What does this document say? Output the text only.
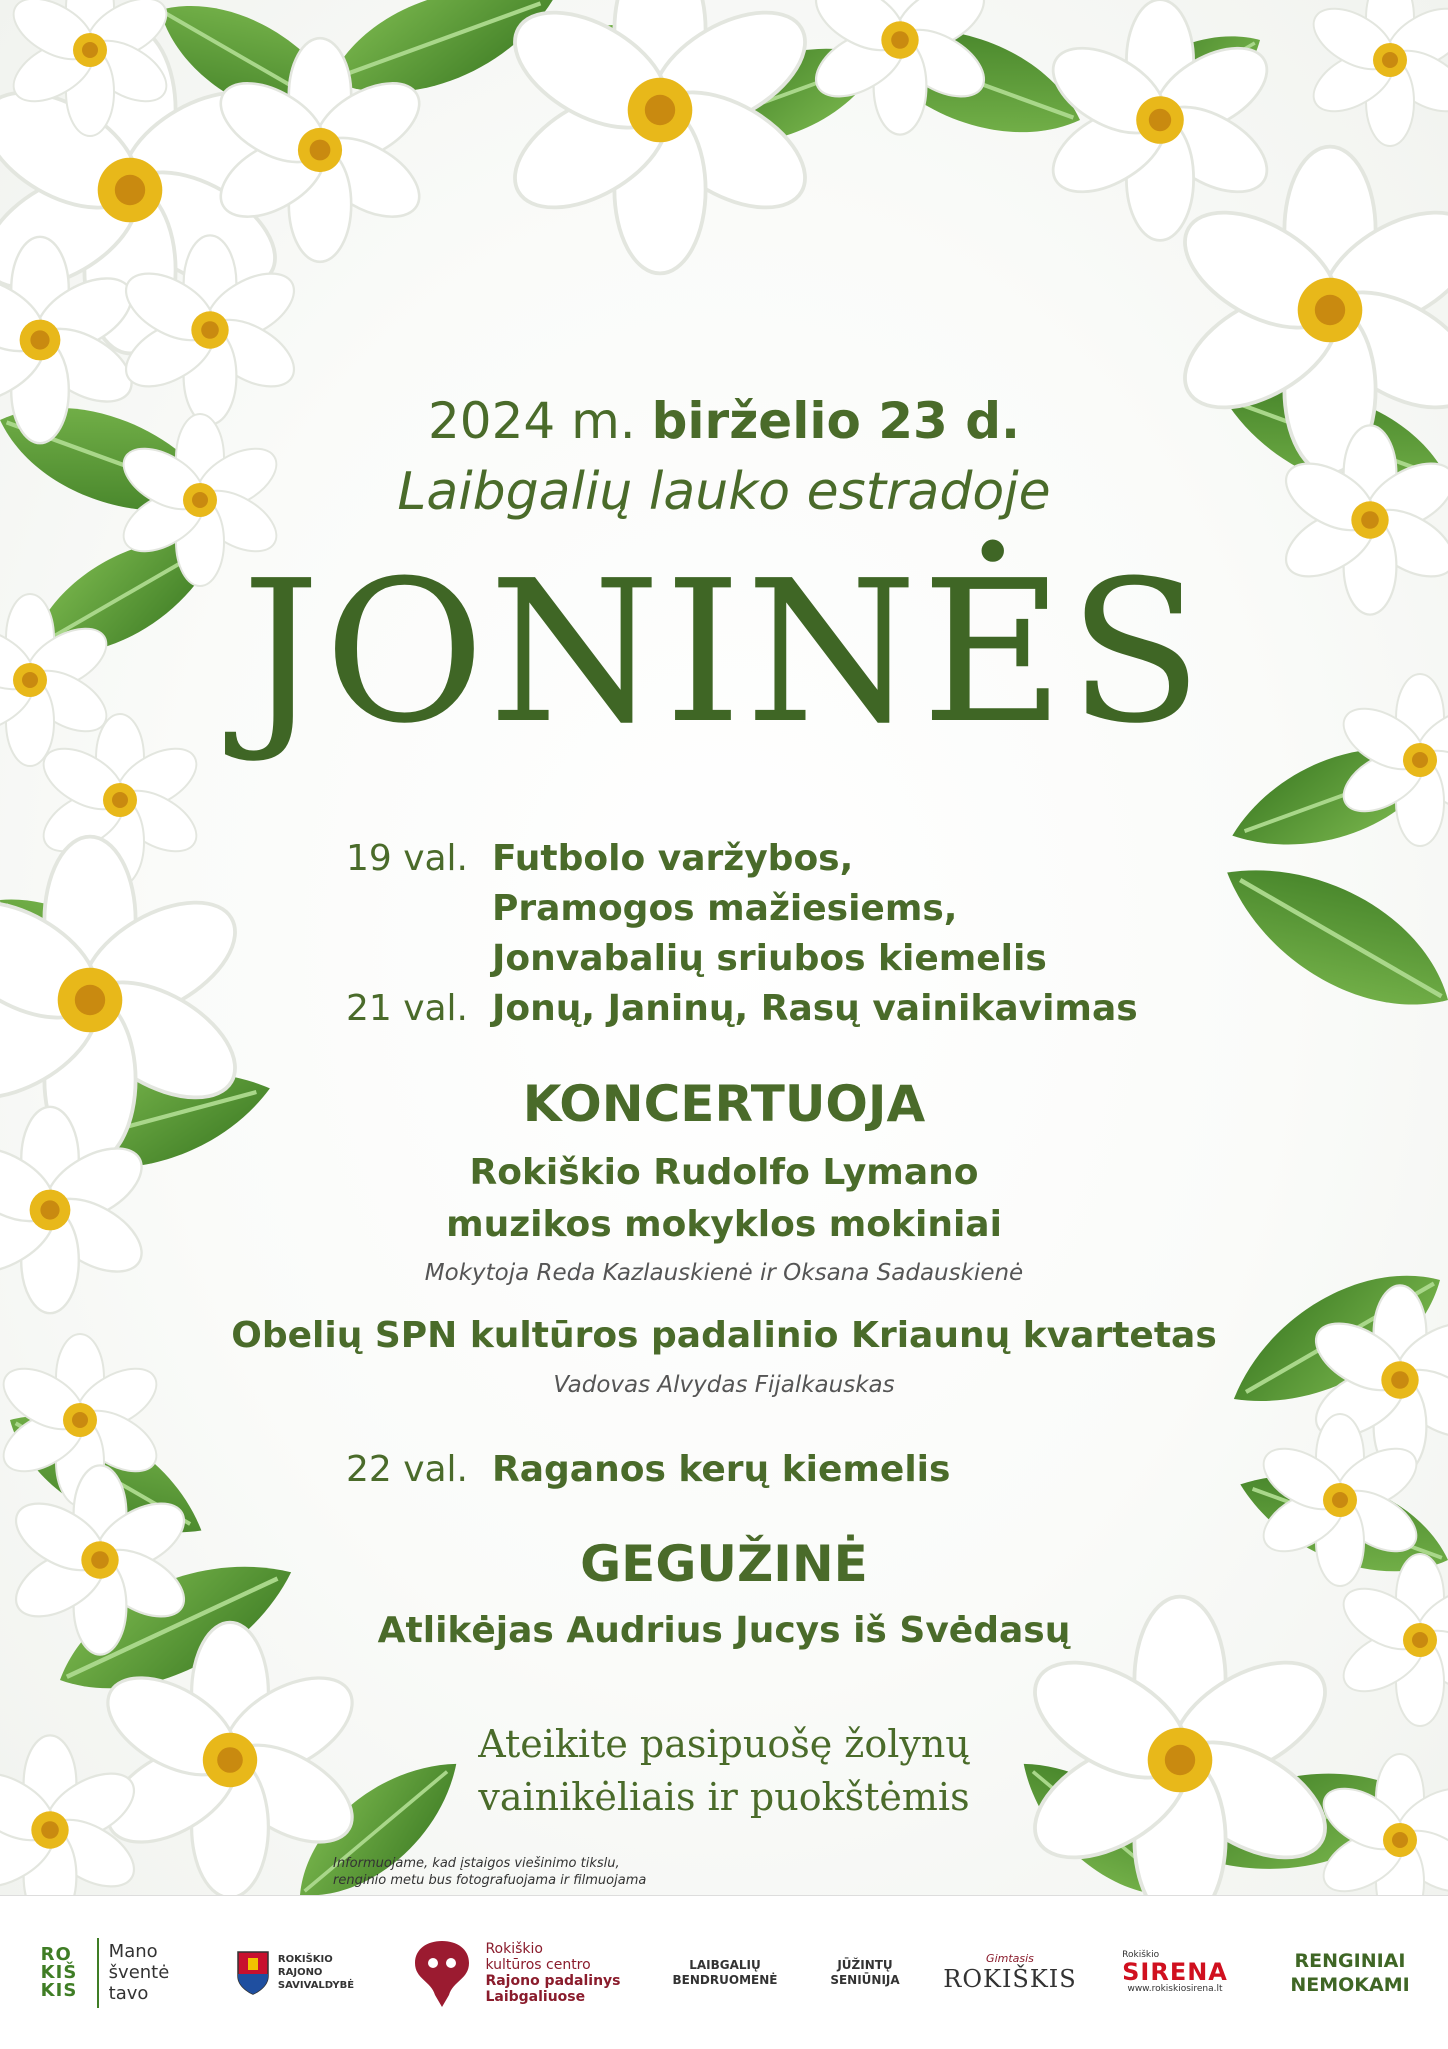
2024 m. birželio 23 d.
Laibgalių lauko estradoje
JONINĖS
19 val. Futbolo varžybos,
Pramogos mažiesiems,
Jonvabalių sriubos kiemelis
21 val. Jonų, Janinų, Rasų vainikavimas
KONCERTUOJA
Rokiškio Rudolfo Lymano
muzikos mokyklos mokiniai
Mokytoja Reda Kazlauskienė ir Oksana Sadauskienė
Obelių SPN kultūros padalinio Kriaunų kvartetas
Vadovas Alvydas Fijalkauskas
22 val. Raganos kerų kiemelis
GEGUŽINĖ
Atlikėjas Audrius Jucys iš Svėdasų
Ateikite pasipuošę žolynų
vainikėliais ir puokštėmis
Informuojame, kad įstaigos viešinimo tikslu,
renginio metu bus fotografuojama ir filmuojama
ROKIŠKIS
Mano
šventė
tavo
ROKIŠKIO
RAJONO
SAVIVALDYBĖ
Rokiškio
kultūros centro
Rajono padalinys
Laibgaliuose
LAIBGALIŲ
BENDRUOMENĖ
JŪŽINTŲ
SENIŪNIJA
Gimtasis
ROKIŠKIS
Rokiškio
SIRENA
www.rokiskiosirena.lt
RENGINIAI
NEMOKAMI
